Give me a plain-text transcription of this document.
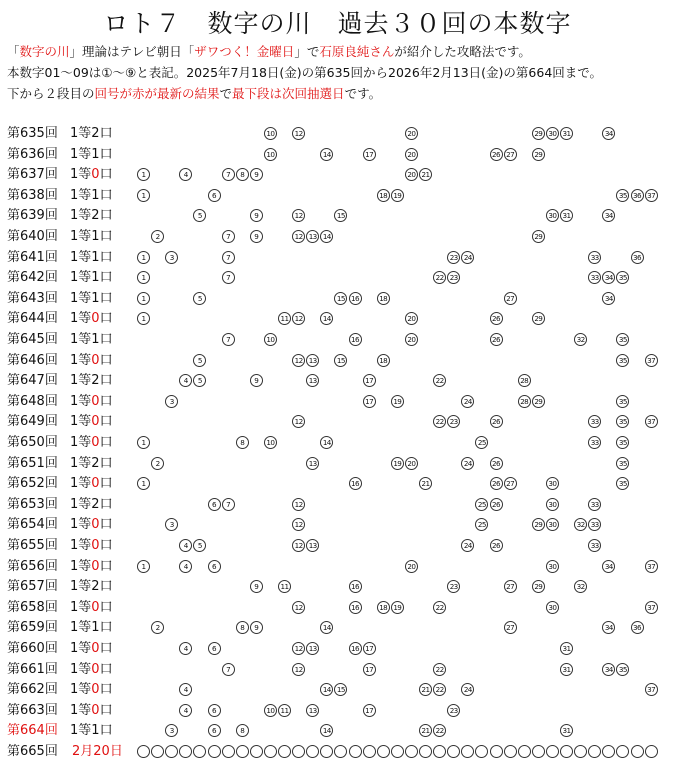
ロト７　数字の川　過去３０回の本数字
「数字の川」理論はテレビ朝日「ザワつく！金曜日」で石原良純さんが紹介した攻略法です。
本数字01〜09は①〜⑨と表記。2025年7月18日(金)の第635回から2026年2月13日(金)の第664回まで。
下から２段目の回号が赤が最新の結果で最下段は次回抽選日です。
第635回 1等2口	10	12	20	29 30 31	34
第636回 1等1口	10	14	17	20	26 27	29
第637回 1等0口	1	4	7	8	9	20 21
第638回 1等1口	1	6	18 19	35 36 37
第639回 1等2口	5	9	12	15	30 31	34
第640回 1等1口	2	7	9	12 13 14	29
第641回 1等1口	1	3	7	23 24	33	36
第642回 1等1口	1	7	22 23	33 34 35
第643回 1等1口	1	5	15 16	18	27	34
第644回 1等0口	1	11 12	14	20	26	29
第645回 1等1口	7	10	16	20	26	32	35
第646回 1等0口	5	12 13	15	18	35	37
第647回 1等2口	4	5	9	13	17	22	28
第648回 1等0口	3	17	19	24	28 29	35
第649回 1等0口	12	22 23	26	33	35	37
第650回 1等0口	1	8	10	14	25	33	35
第651回 1等2口	2	13	19 20	24	26	35
第652回 1等0口	1	16	21	26 27	30	35
第653回 1等2口	6	7	12	25 26	30	33
第654回 1等0口	3	12	25	29 30	32 33
第655回 1等0口	4	5	12 13	24	26	33
第656回 1等0口	1	4	6	20	30	34	37
第657回 1等2口	9	11	16	23	27	29	32
第658回 1等0口	12	16	18 19	22	30	37
第659回 1等1口	2	8	9	14	27	34	36
第660回 1等0口	4	6	12 13	16 17	31
第661回 1等0口	7	12	17	22	31	34 35
第662回 1等0口	4	14 15	21 22	24	37
第663回 1等0口	4	6	10 11	13	17	23
第664回 1等1口	3	6	8	14	21 22	31
第665回 2月20日
